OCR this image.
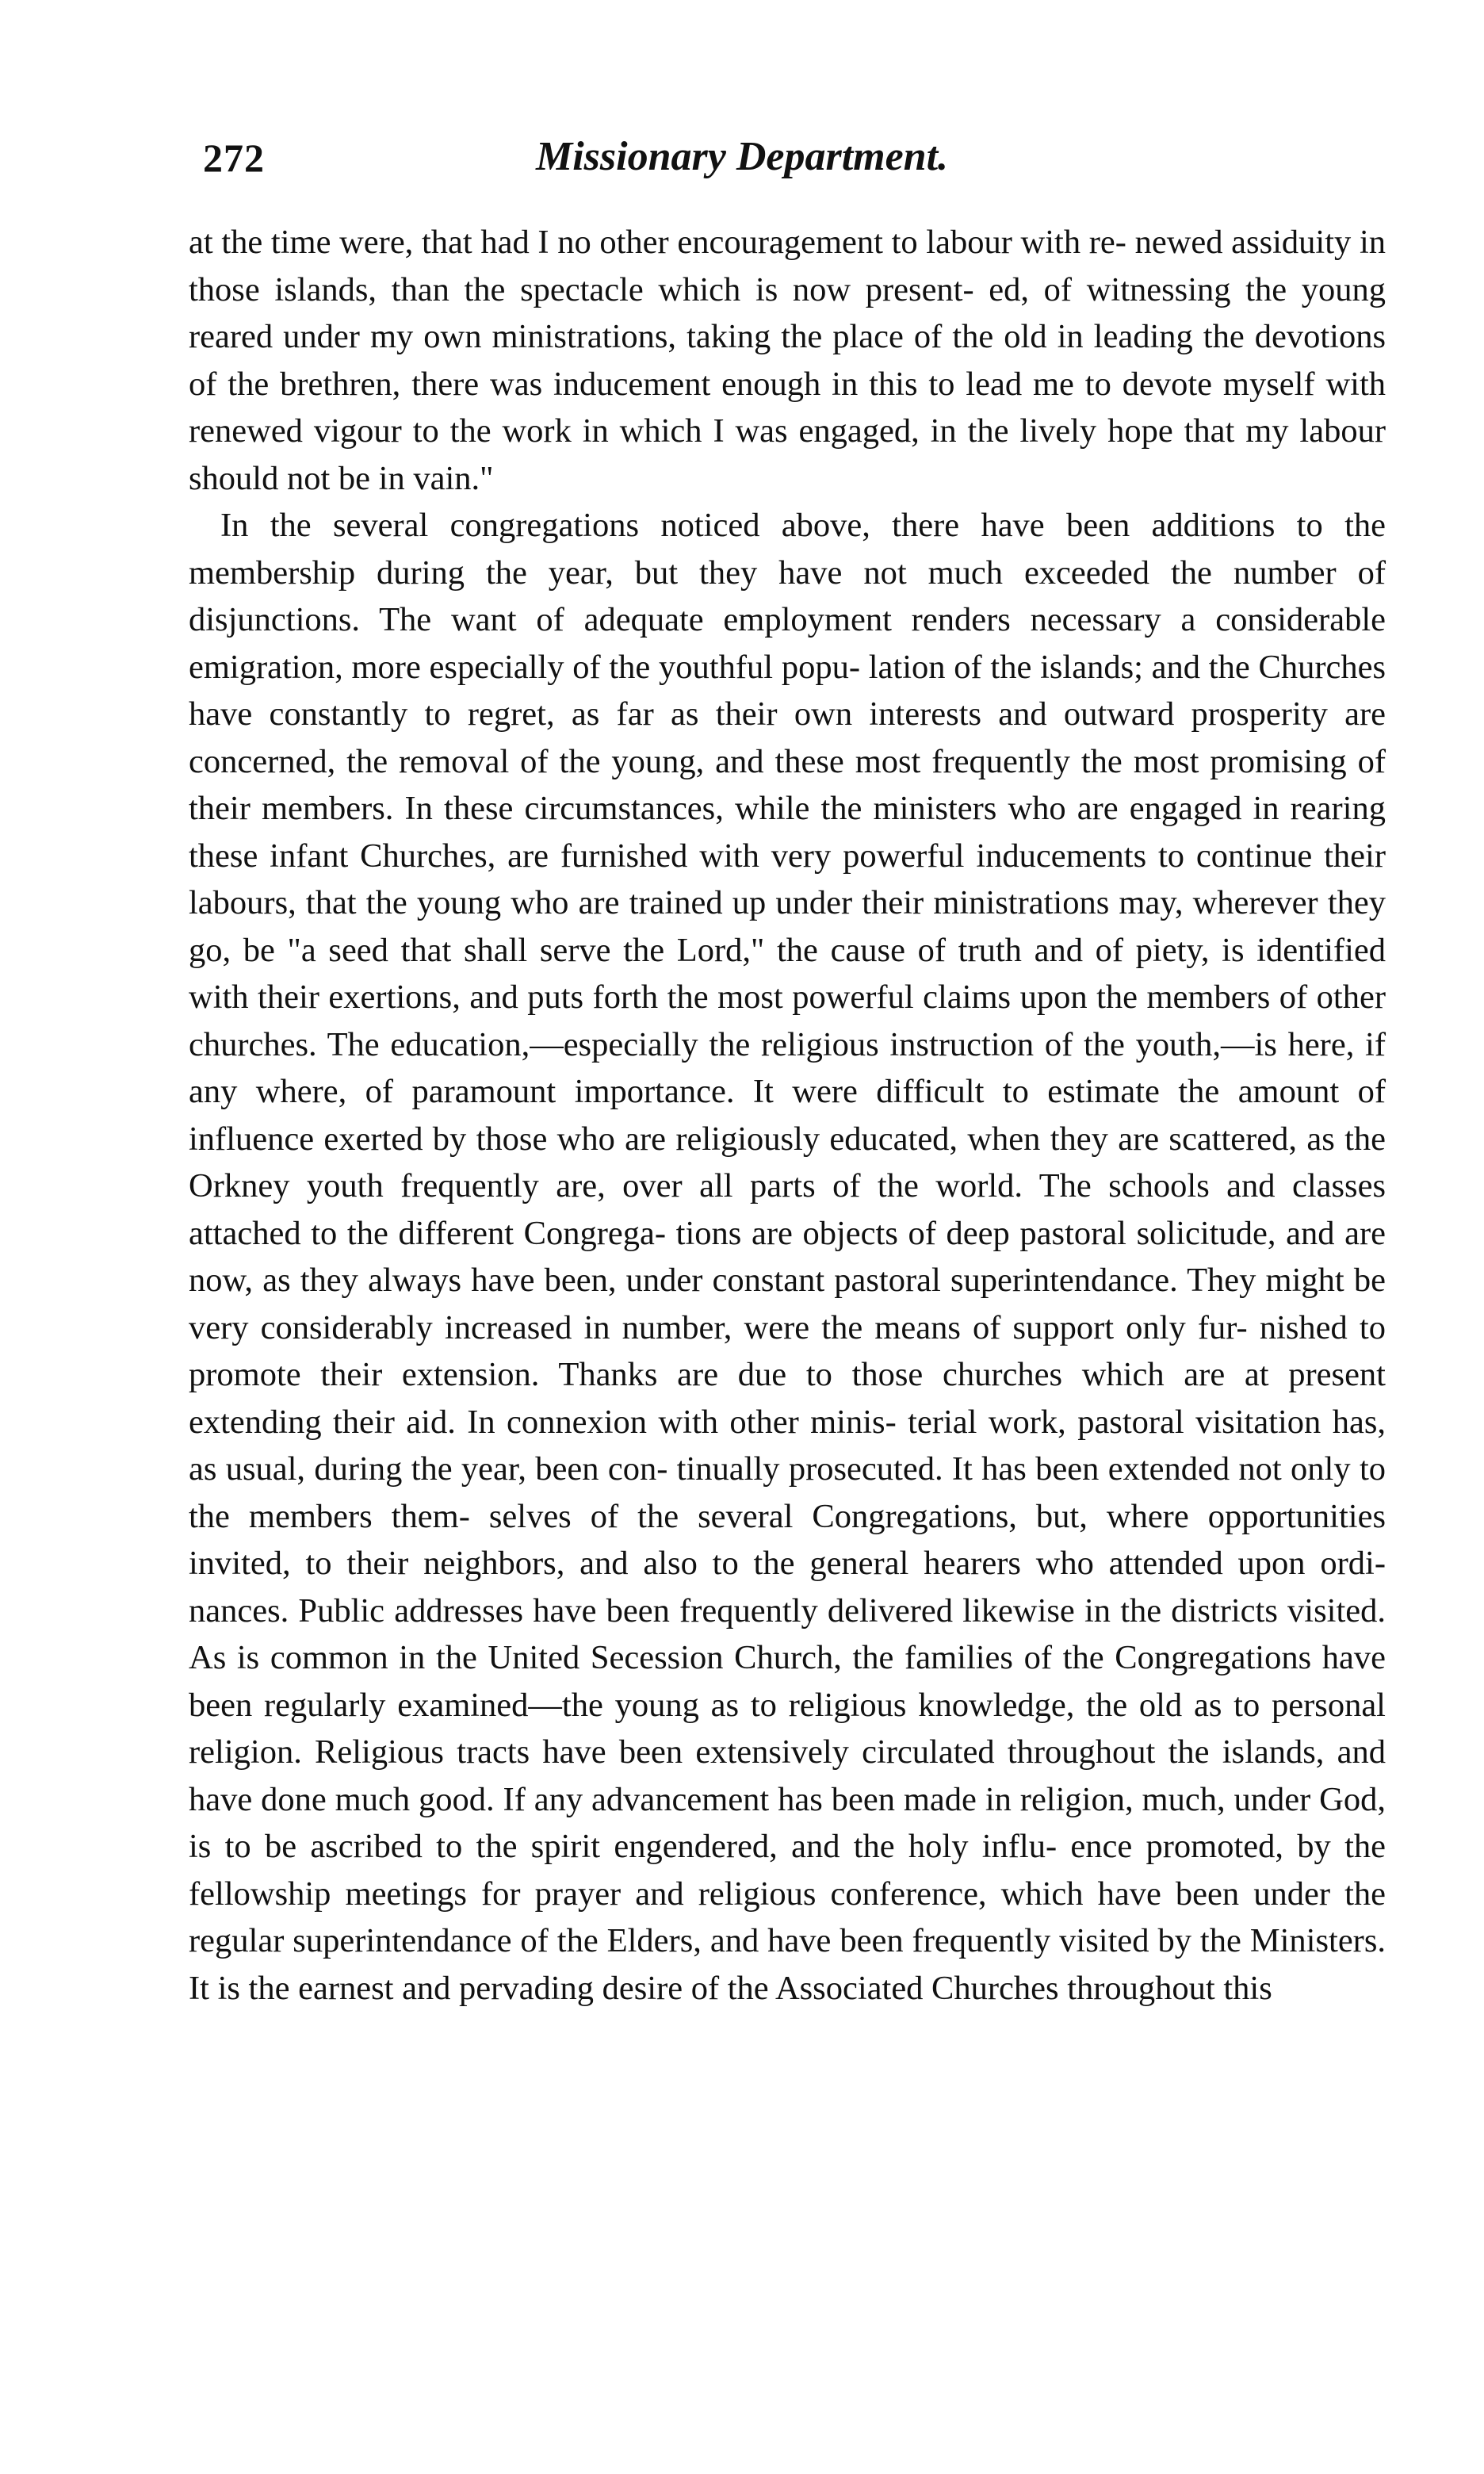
272	Missionary Department.

at the time were, that had I no other encouragement to labour with re- newed assiduity in those islands, than the spectacle which is now present- ed, of witnessing the young reared under my own ministrations, taking the place of the old in leading the devotions of the brethren, there was inducement enough in this to lead me to devote myself with renewed vigour to the work in which I was engaged, in the lively hope that my labour should not be in vain."

In the several congregations noticed above, there have been additions to the membership during the year, but they have not much exceeded the number of disjunctions. The want of adequate employment renders necessary a considerable emigration, more especially of the youthful popu- lation of the islands; and the Churches have constantly to regret, as far as their own interests and outward prosperity are concerned, the removal of the young, and these most frequently the most promising of their members. In these circumstances, while the ministers who are engaged in rearing these infant Churches, are furnished with very powerful inducements to continue their labours, that the young who are trained up under their ministrations may, wherever they go, be "a seed that shall serve the Lord," the cause of truth and of piety, is identified with their exertions, and puts forth the most powerful claims upon the members of other churches. The education,—especially the religious instruction of the youth,—is here, if any where, of paramount importance. It were difficult to estimate the amount of influence exerted by those who are religiously educated, when they are scattered, as the Orkney youth frequently are, over all parts of the world. The schools and classes attached to the different Congrega- tions are objects of deep pastoral solicitude, and are now, as they always have been, under constant pastoral superintendance. They might be very considerably increased in number, were the means of support only fur- nished to promote their extension. Thanks are due to those churches which are at present extending their aid. In connexion with other minis- terial work, pastoral visitation has, as usual, during the year, been con- tinually prosecuted. It has been extended not only to the members them- selves of the several Congregations, but, where opportunities invited, to their neighbors, and also to the general hearers who attended upon ordi- nances. Public addresses have been frequently delivered likewise in the districts visited. As is common in the United Secession Church, the families of the Congregations have been regularly examined—the young as to religious knowledge, the old as to personal religion. Religious tracts have been extensively circulated throughout the islands, and have done much good. If any advancement has been made in religion, much, under God, is to be ascribed to the spirit engendered, and the holy influ- ence promoted, by the fellowship meetings for prayer and religious conference, which have been under the regular superintendance of the Elders, and have been frequently visited by the Ministers. It is the earnest and pervading desire of the Associated Churches throughout this
